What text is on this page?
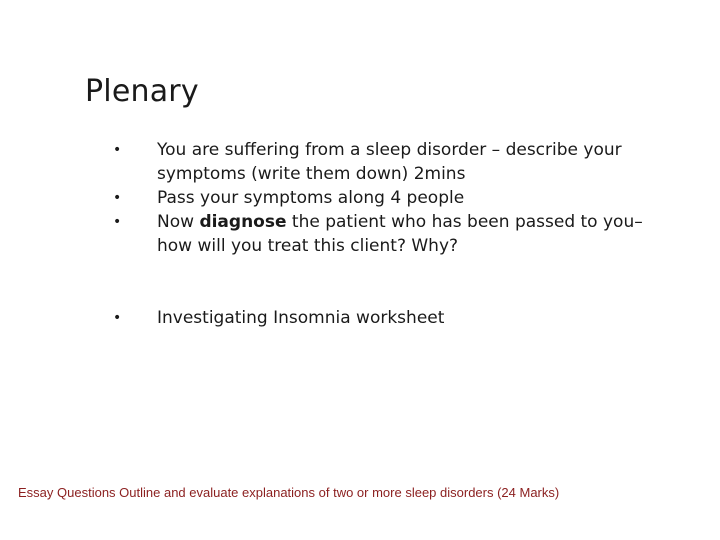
Plenary
•	You are suffering from a sleep disorder – describe your symptoms (write them down) 2mins
•	Pass your symptoms along 4 people
•	Now diagnose the patient who has been passed to you– how will you treat this client? Why?
•	Investigating Insomnia worksheet

Essay Questions Outline and evaluate explanations of two or more sleep disorders (24 Marks)
